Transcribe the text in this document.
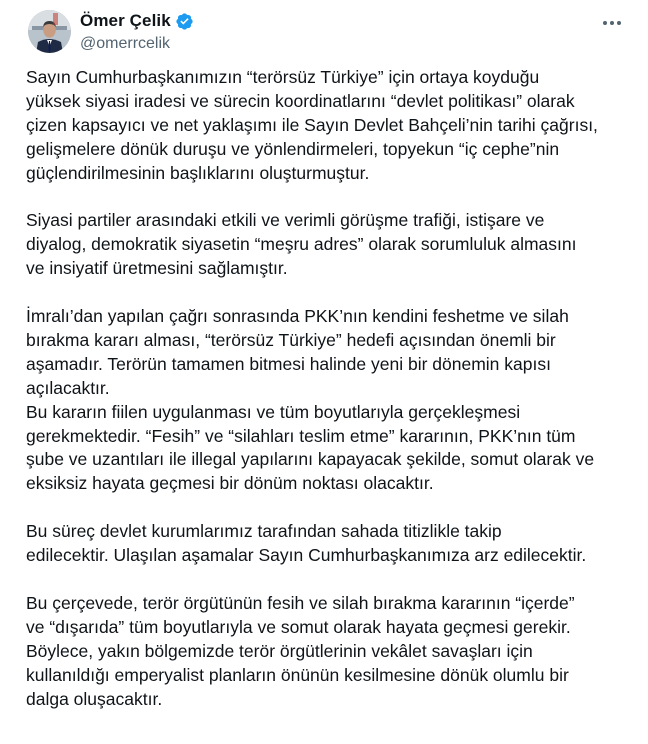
Ömer Çelik
@omerrcelik
Sayın Cumhurbaşkanımızın “terörsüz Türkiye” için ortaya koyduğu
yüksek siyasi iradesi ve sürecin koordinatlarını “devlet politikası” olarak
çizen kapsayıcı ve net yaklaşımı ile Sayın Devlet Bahçeli’nin tarihi çağrısı,
gelişmelere dönük duruşu ve yönlendirmeleri, topyekun “iç cephe”nin
güçlendirilmesinin başlıklarını oluşturmuştur.
Siyasi partiler arasındaki etkili ve verimli görüşme trafiği, istişare ve
diyalog, demokratik siyasetin “meşru adres” olarak sorumluluk almasını
ve insiyatif üretmesini sağlamıştır.
İmralı’dan yapılan çağrı sonrasında PKK’nın kendini feshetme ve silah
bırakma kararı alması, “terörsüz Türkiye” hedefi açısından önemli bir
aşamadır. Terörün tamamen bitmesi halinde yeni bir dönemin kapısı
açılacaktır.
Bu kararın fiilen uygulanması ve tüm boyutlarıyla gerçekleşmesi
gerekmektedir. “Fesih” ve “silahları teslim etme” kararının, PKK’nın tüm
şube ve uzantıları ile illegal yapılarını kapayacak şekilde, somut olarak ve
eksiksiz hayata geçmesi bir dönüm noktası olacaktır.
Bu süreç devlet kurumlarımız tarafından sahada titizlikle takip
edilecektir. Ulaşılan aşamalar Sayın Cumhurbaşkanımıza arz edilecektir.
Bu çerçevede, terör örgütünün fesih ve silah bırakma kararının “içerde”
ve “dışarıda” tüm boyutlarıyla ve somut olarak hayata geçmesi gerekir.
Böylece, yakın bölgemizde terör örgütlerinin vekâlet savaşları için
kullanıldığı emperyalist planların önünün kesilmesine dönük olumlu bir
dalga oluşacaktır.
